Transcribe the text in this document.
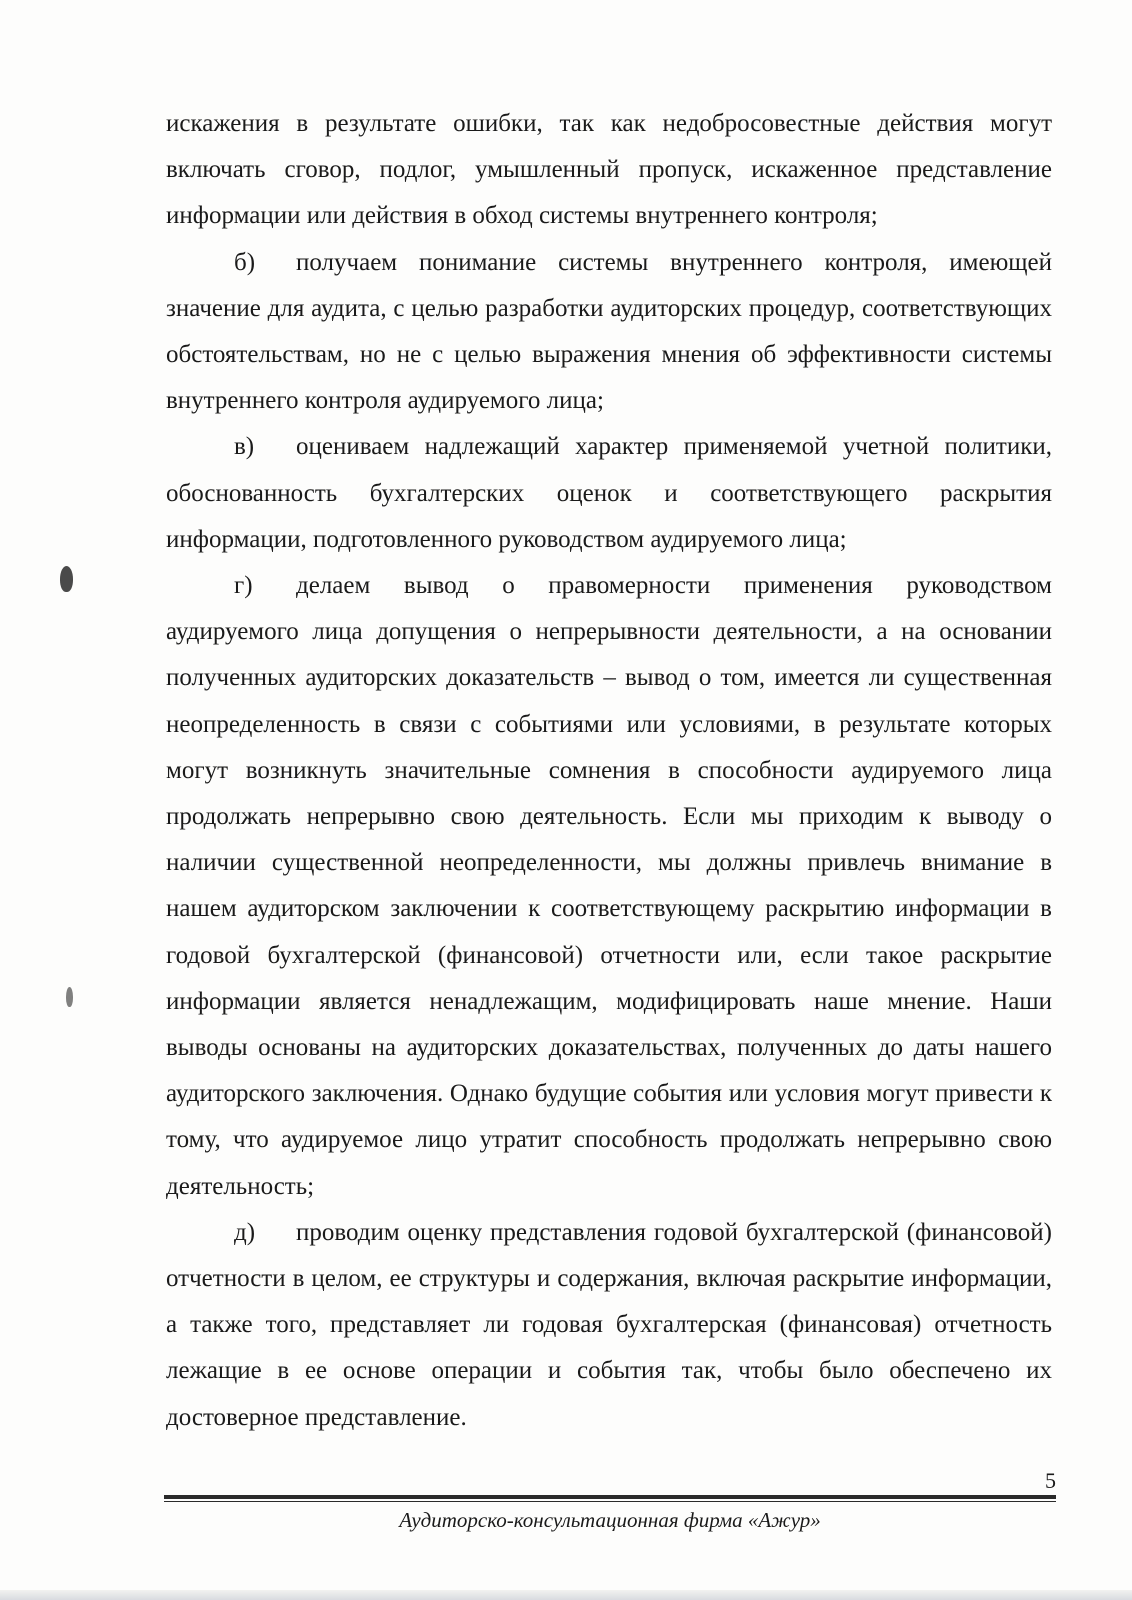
искажения в результате ошибки, так как недобросовестные действия могут включать сговор, подлог, умышленный пропуск, искаженное представление информации или действия в обход системы внутреннего контроля;

б) получаем понимание системы внутреннего контроля, имеющей значение для аудита, с целью разработки аудиторских процедур, соответствующих обстоятельствам, но не с целью выражения мнения об эффективности системы внутреннего контроля аудируемого лица;

в) оцениваем надлежащий характер применяемой учетной политики, обоснованность бухгалтерских оценок и соответствующего раскрытия информации, подготовленного руководством аудируемого лица;

г) делаем вывод о правомерности применения руководством аудируемого лица допущения о непрерывности деятельности, а на основании полученных аудиторских доказательств – вывод о том, имеется ли существенная неопределенность в связи с событиями или условиями, в результате которых могут возникнуть значительные сомнения в способности аудируемого лица продолжать непрерывно свою деятельность. Если мы приходим к выводу о наличии существенной неопределенности, мы должны привлечь внимание в нашем аудиторском заключении к соответствующему раскрытию информации в годовой бухгалтерской (финансовой) отчетности или, если такое раскрытие информации является ненадлежащим, модифицировать наше мнение. Наши выводы основаны на аудиторских доказательствах, полученных до даты нашего аудиторского заключения. Однако будущие события или условия могут привести к тому, что аудируемое лицо утратит способность продолжать непрерывно свою деятельность;

д) проводим оценку представления годовой бухгалтерской (финансовой) отчетности в целом, ее структуры и содержания, включая раскрытие информации, а также того, представляет ли годовая бухгалтерская (финансовая) отчетность лежащие в ее основе операции и события так, чтобы было обеспечено их достоверное представление.

5
Аудиторско-консультационная фирма «Ажур»
